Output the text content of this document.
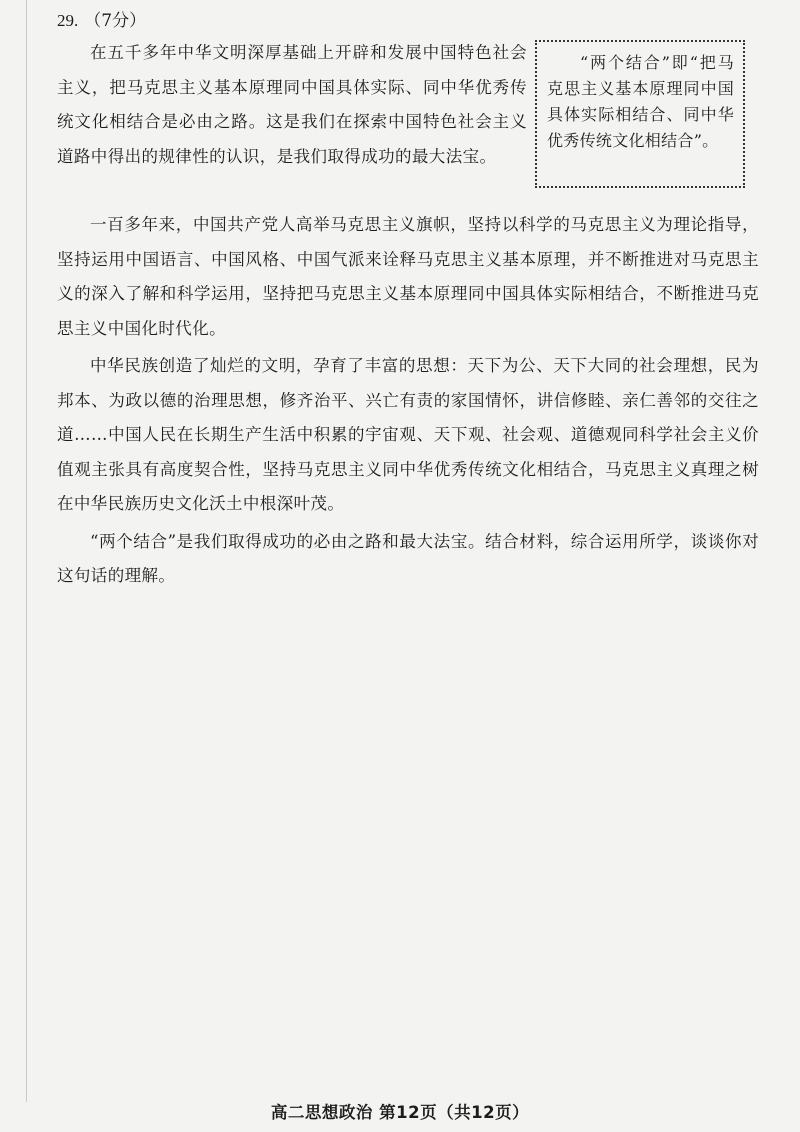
29. （7分）
在五千多年中华文明深厚基础上开辟和发展中国特色社会主义，把马克思主义基本原理同中国具体实际、同中华优秀传统文化相结合是必由之路。这是我们在探索中国特色社会主义道路中得出的规律性的认识，是我们取得成功的最大法宝。
“两个结合”即“把马克思主义基本原理同中国具体实际相结合、同中华优秀传统文化相结合”。

一百多年来，中国共产党人高举马克思主义旗帜，坚持以科学的马克思主义为理论指导，坚持运用中国语言、中国风格、中国气派来诠释马克思主义基本原理，并不断推进对马克思主义的深入了解和科学运用，坚持把马克思主义基本原理同中国具体实际相结合，不断推进马克思主义中国化时代化。

中华民族创造了灿烂的文明，孕育了丰富的思想：天下为公、天下大同的社会理想，民为邦本、为政以德的治理思想，修齐治平、兴亡有责的家国情怀，讲信修睦、亲仁善邻的交往之道……中国人民在长期生产生活中积累的宇宙观、天下观、社会观、道德观同科学社会主义价值观主张具有高度契合性，坚持马克思主义同中华优秀传统文化相结合，马克思主义真理之树在中华民族历史文化沃土中根深叶茂。

“两个结合”是我们取得成功的必由之路和最大法宝。结合材料，综合运用所学，谈谈你对这句话的理解。

高二思想政治 第12页（共12页）
